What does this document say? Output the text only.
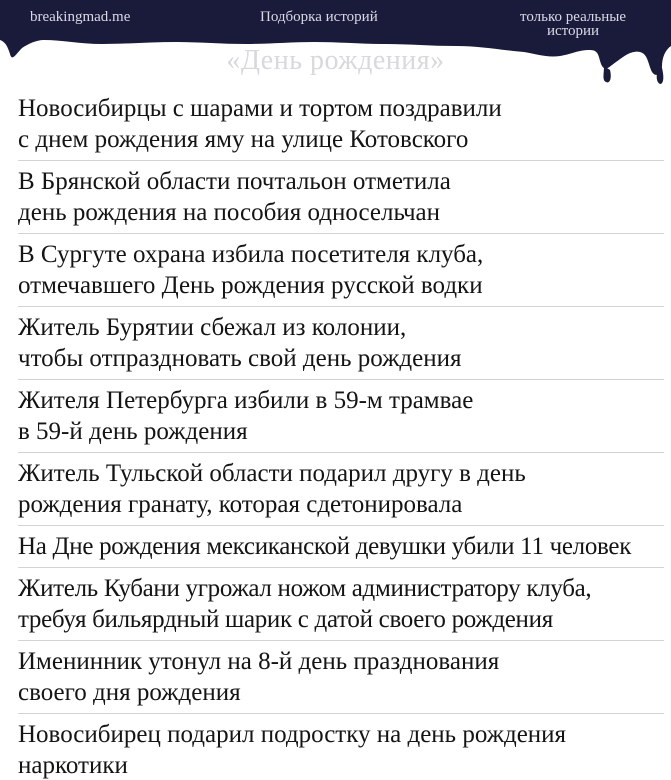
breakingmad.me	Подборка историй	только реальные истории
«День рождения»
Новосибирцы с шарами и тортом поздравили
с днем рождения яму на улице Котовского
В Брянской области почтальон отметила
день рождения на пособия односельчан
В Сургуте охрана избила посетителя клуба,
отмечавшего День рождения русской водки
Житель Бурятии сбежал из колонии,
чтобы отпраздновать свой день рождения
Жителя Петербурга избили в 59-м трамвае
в 59-й день рождения
Житель Тульской области подарил другу в день
рождения гранату, которая сдетонировала
На Дне рождения мексиканской девушки убили 11 человек
Житель Кубани угрожал ножом администратору клуба,
требуя бильярдный шарик с датой своего рождения
Именинник утонул на 8-й день празднования
своего дня рождения
Новосибирец подарил подростку на день рождения
наркотики
